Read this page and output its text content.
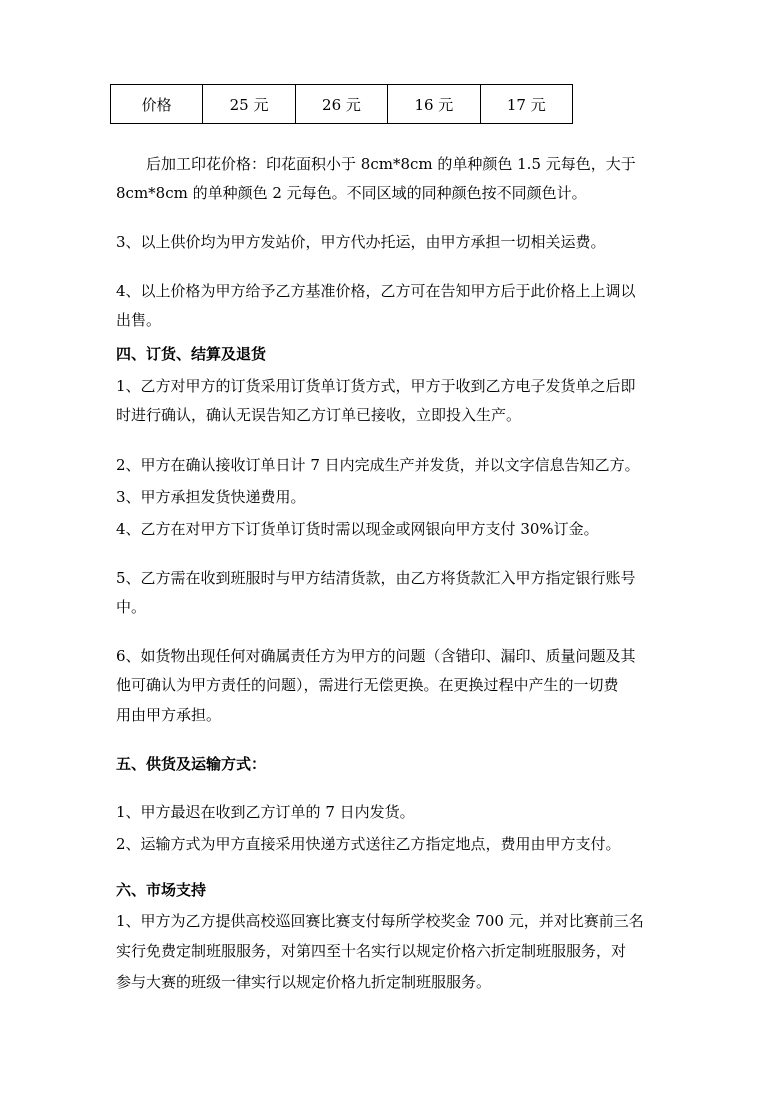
价格	25 元	26 元	16 元	17 元
后加工印花价格：印花面积小于 8cm*8cm 的单种颜色 1.5 元每色，大于
8cm*8cm 的单种颜色 2 元每色。不同区域的同种颜色按不同颜色计。
3、以上供价均为甲方发站价，甲方代办托运，由甲方承担一切相关运费。
4、以上价格为甲方给予乙方基准价格，乙方可在告知甲方后于此价格上上调以
出售。
四、订货、结算及退货
1、乙方对甲方的订货采用订货单订货方式，甲方于收到乙方电子发货单之后即
时进行确认，确认无误告知乙方订单已接收，立即投入生产。
2、甲方在确认接收订单日计 7 日内完成生产并发货，并以文字信息告知乙方。
3、甲方承担发货快递费用。
4、乙方在对甲方下订货单订货时需以现金或网银向甲方支付 30%订金。
5、乙方需在收到班服时与甲方结清货款，由乙方将货款汇入甲方指定银行账号
中。
6、如货物出现任何对确属责任方为甲方的问题（含错印、漏印、质量问题及其
他可确认为甲方责任的问题），需进行无偿更换。在更换过程中产生的一切费
用由甲方承担。
五、供货及运输方式：
1、甲方最迟在收到乙方订单的 7 日内发货。
2、运输方式为甲方直接采用快递方式送往乙方指定地点，费用由甲方支付。
六、市场支持
1、甲方为乙方提供高校巡回赛比赛支付每所学校奖金 700 元，并对比赛前三名
实行免费定制班服服务，对第四至十名实行以规定价格六折定制班服服务，对
参与大赛的班级一律实行以规定价格九折定制班服服务。
